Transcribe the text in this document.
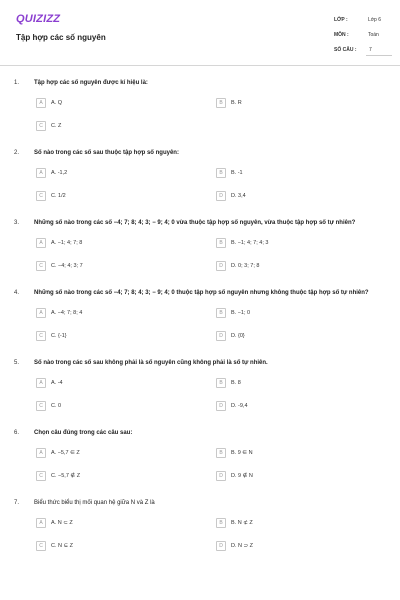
QUIZIZZ
Tập hợp các số nguyên
LỚP :	Lớp 6
MÔN :	Toán
SỐ CÂU :	7
1. Tập hợp các số nguyên được kí hiệu là:
A	A. Q	B	B. R
C	C. Z
2. Số nào trong các số sau thuộc tập hợp số nguyên:
A	A. -1,2	B	B. -1
C	C. 1/2	D	D. 3,4
3. Những số nào trong các số −4; 7; 8; 4; 3; − 9; 4; 0 vừa thuộc tập hợp số nguyên, vừa thuộc tập hợp số tự nhiên?
A	A. −1; 4; 7; 8	B	B. −1; 4; 7; 4; 3
C	C. −4; 4; 3; 7	D	D. 0; 3; 7; 8
4. Những số nào trong các số −4; 7; 8; 4; 3; − 9; 4; 0 thuộc tập hợp số nguyên nhưng không thuộc tập hợp số tự nhiên?
A	A. −4; 7; 8; 4	B	B. −1; 0
C	C. {-1}	D	D. {0}
5. Số nào trong các số sau không phải là số nguyên cũng không phải là số tự nhiên.
A	A. -4	B	B. 8
C	C. 0	D	D. -9,4
6. Chọn câu đúng trong các câu sau:
A	A. −5,7 ∈ Z	B	B. 9 ∈ N
C	C. −5,7 ∉ Z	D	D. 9 ∉ N
7. Biểu thức biểu thị mối quan hệ giữa N và Z là
A	A. N ⊂ Z	B	B. N ⊄ Z
C	C. N ⊆ Z	D	D. N ⊃ Z
